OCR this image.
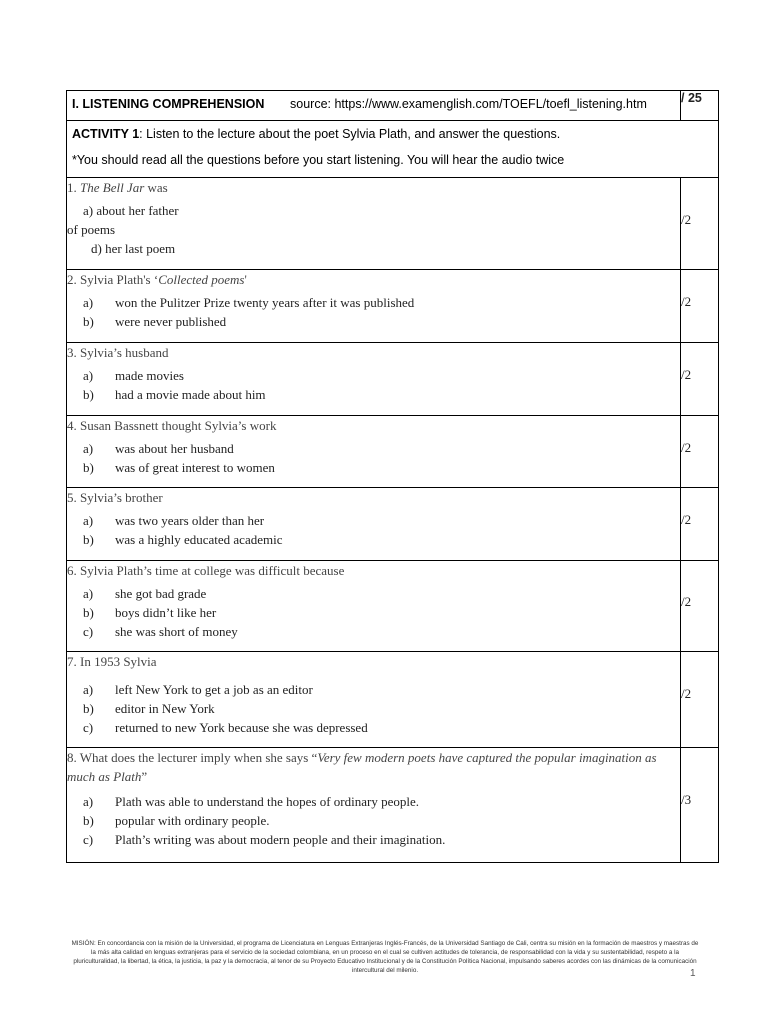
I. LISTENING COMPREHENSION source: https://www.examenglish.com/TOEFL/toefl_listening.htm	/ 25

ACTIVITY 1: Listen to the lecture about the poet Sylvia Plath, and answer the questions.
*You should read all the questions before you start listening. You will hear the audio twice	

1. The Bell Jar was
a) about her father
of poems
d) her last poem	/2

2. Sylvia Plath's ‘Collected poems'
a) won the Pulitzer Prize twenty years after it was published
b) were never published	/2

3. Sylvia’s husband
a) made movies
b) had a movie made about him	/2

4. Susan Bassnett thought Sylvia’s work
a) was about her husband
b) was of great interest to women	/2

5. Sylvia’s brother
a) was two years older than her
b) was a highly educated academic	/2

6. Sylvia Plath’s time at college was difficult because
a) she got bad grade
b) boys didn’t like her
c) she was short of money	/2

7. In 1953 Sylvia
a) left New York to get a job as an editor
b) editor in New York
c) returned to new York because she was depressed	/2

8. What does the lecturer imply when she says “Very few modern poets have captured the popular imagination as much as Plath”
a) Plath was able to understand the hopes of ordinary people.
b) popular with ordinary people.
c) Plath’s writing was about modern people and their imagination.	/3
MISIÓN: En concordancia con la misión de la Universidad, el programa de Licenciatura en Lenguas Extranjeras Inglés-Francés, de la Universidad Santiago de Cali, centra su misión en la formación de maestros y maestras de la más alta calidad en lenguas extranjeras para el servicio de la sociedad colombiana, en un proceso en el cual se cultiven actitudes de tolerancia, de responsabilidad con la vida y su sustentabilidad, respeto a la pluriculturalidad, la libertad, la ética, la justicia, la paz y la democracia, al tenor de su Proyecto Educativo Institucional y de la Constitución Política Nacional, impulsando saberes acordes con las dinámicas de la comunicación intercultural del milenio.	1
